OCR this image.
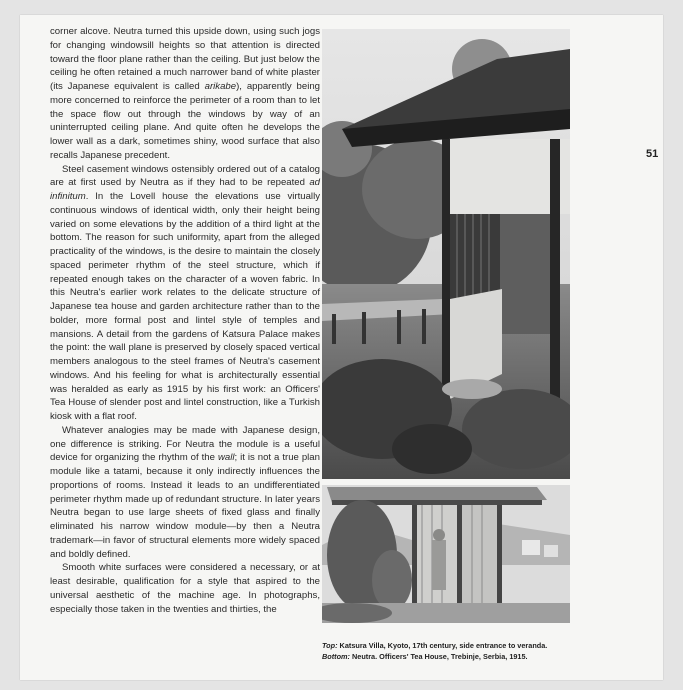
corner alcove. Neutra turned this upside down, using such jogs for changing windowsill heights so that attention is directed toward the floor plane rather than the ceiling. But just below the ceiling he often retained a much narrower band of white plaster (its Japanese equivalent is called arikabe), apparently being more concerned to reinforce the perimeter of a room than to let the space flow out through the windows by way of an uninterrupted ceiling plane. And quite often he develops the lower wall as a dark, sometimes shiny, wood surface that also recalls Japanese precedent.

Steel casement windows ostensibly ordered out of a catalog are at first used by Neutra as if they had to be repeated ad infinitum. In the Lovell house the elevations use virtually continuous windows of identical width, only their height being varied on some elevations by the addition of a third light at the bottom. The reason for such uniformity, apart from the alleged practicality of the windows, is the desire to maintain the closely spaced perimeter rhythm of the steel structure, which if repeated enough takes on the character of a woven fabric. In this Neutra's earlier work relates to the delicate structure of Japanese tea house and garden architecture rather than to the bolder, more formal post and lintel style of temples and mansions. A detail from the gardens of Katsura Palace makes the point: the wall plane is preserved by closely spaced vertical members analogous to the steel frames of Neutra's casement windows. And his feeling for what is architecturally essential was heralded as early as 1915 by his first work: an Officers' Tea House of slender post and lintel construction, like a Turkish kiosk with a flat roof.

Whatever analogies may be made with Japanese design, one difference is striking. For Neutra the module is a useful device for organizing the rhythm of the wall; it is not a true plan module like a tatami, because it only indirectly influences the proportions of rooms. Instead it leads to an undifferentiated perimeter rhythm made up of redundant structure. In later years Neutra began to use large sheets of fixed glass and finally eliminated his narrow window module—by then a Neutra trademark—in favor of structural elements more widely spaced and boldly defined.

Smooth white surfaces were considered a necessary, or at least desirable, qualification for a style that aspired to the universal aesthetic of the machine age. In photographs, especially those taken in the twenties and thirties, the

51
Top: Katsura Villa, Kyoto, 17th century, side entrance to veranda.
Bottom: Neutra. Officers' Tea House, Trebinje, Serbia, 1915.
